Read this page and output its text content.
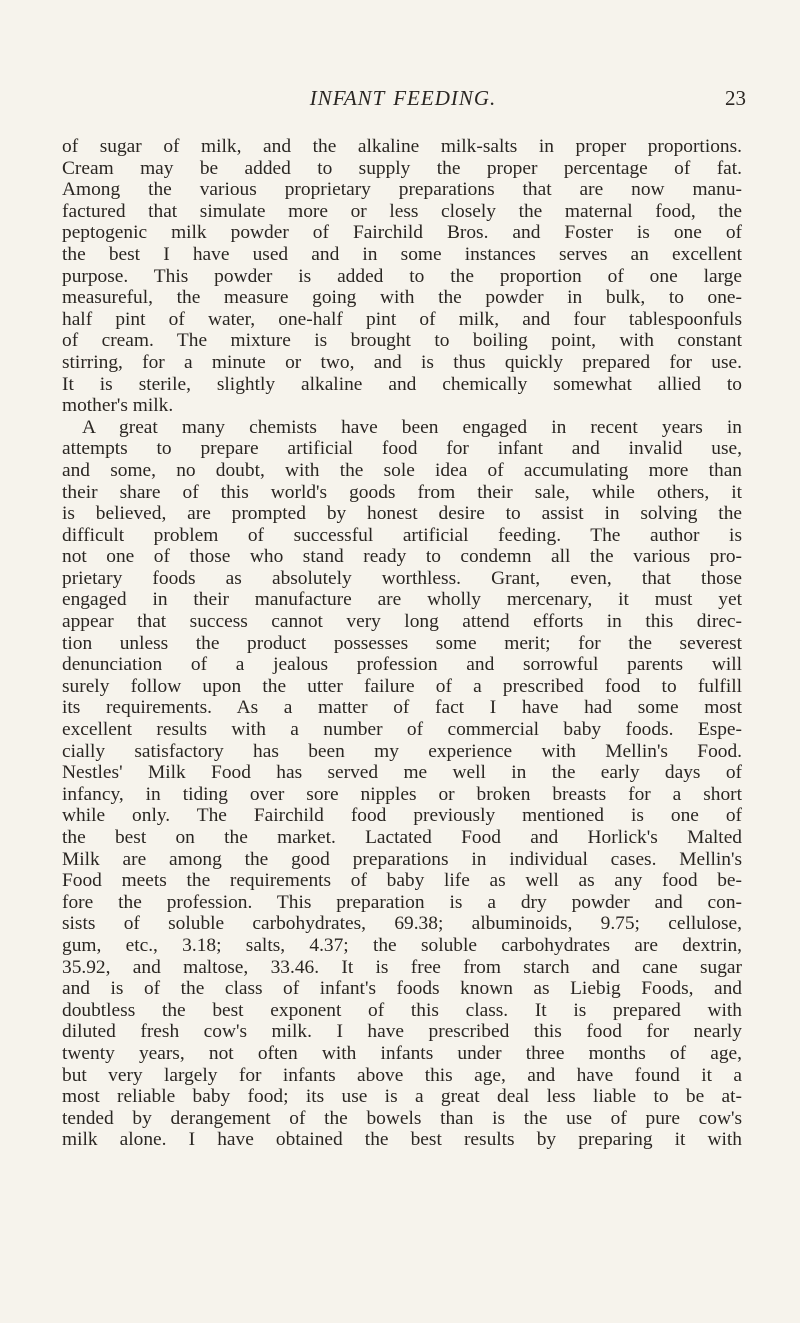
INFANT FEEDING.	23
of sugar of milk, and the alkaline milk-salts in proper proportions.
Cream may be added to supply the proper percentage of fat.
Among the various proprietary preparations that are now manu-
factured that simulate more or less closely the maternal food, the
peptogenic milk powder of Fairchild Bros. and Foster is one of
the best I have used and in some instances serves an excellent
purpose. This powder is added to the proportion of one large
measureful, the measure going with the powder in bulk, to one-
half pint of water, one-half pint of milk, and four tablespoonfuls
of cream. The mixture is brought to boiling point, with constant
stirring, for a minute or two, and is thus quickly prepared for use.
It is sterile, slightly alkaline and chemically somewhat allied to
mother's milk.
A great many chemists have been engaged in recent years in
attempts to prepare artificial food for infant and invalid use,
and some, no doubt, with the sole idea of accumulating more than
their share of this world's goods from their sale, while others, it
is believed, are prompted by honest desire to assist in solving the
difficult problem of successful artificial feeding. The author is
not one of those who stand ready to condemn all the various pro-
prietary foods as absolutely worthless. Grant, even, that those
engaged in their manufacture are wholly mercenary, it must yet
appear that success cannot very long attend efforts in this direc-
tion unless the product possesses some merit; for the severest
denunciation of a jealous profession and sorrowful parents will
surely follow upon the utter failure of a prescribed food to fulfill
its requirements. As a matter of fact I have had some most
excellent results with a number of commercial baby foods. Espe-
cially satisfactory has been my experience with Mellin's Food.
Nestles' Milk Food has served me well in the early days of
infancy, in tiding over sore nipples or broken breasts for a short
while only. The Fairchild food previously mentioned is one of
the best on the market. Lactated Food and Horlick's Malted
Milk are among the good preparations in individual cases. Mellin's
Food meets the requirements of baby life as well as any food be-
fore the profession. This preparation is a dry powder and con-
sists of soluble carbohydrates, 69.38; albuminoids, 9.75; cellulose,
gum, etc., 3.18; salts, 4.37; the soluble carbohydrates are dextrin,
35.92, and maltose, 33.46. It is free from starch and cane sugar
and is of the class of infant's foods known as Liebig Foods, and
doubtless the best exponent of this class. It is prepared with
diluted fresh cow's milk. I have prescribed this food for nearly
twenty years, not often with infants under three months of age,
but very largely for infants above this age, and have found it a
most reliable baby food; its use is a great deal less liable to be at-
tended by derangement of the bowels than is the use of pure cow's
milk alone. I have obtained the best results by preparing it with
